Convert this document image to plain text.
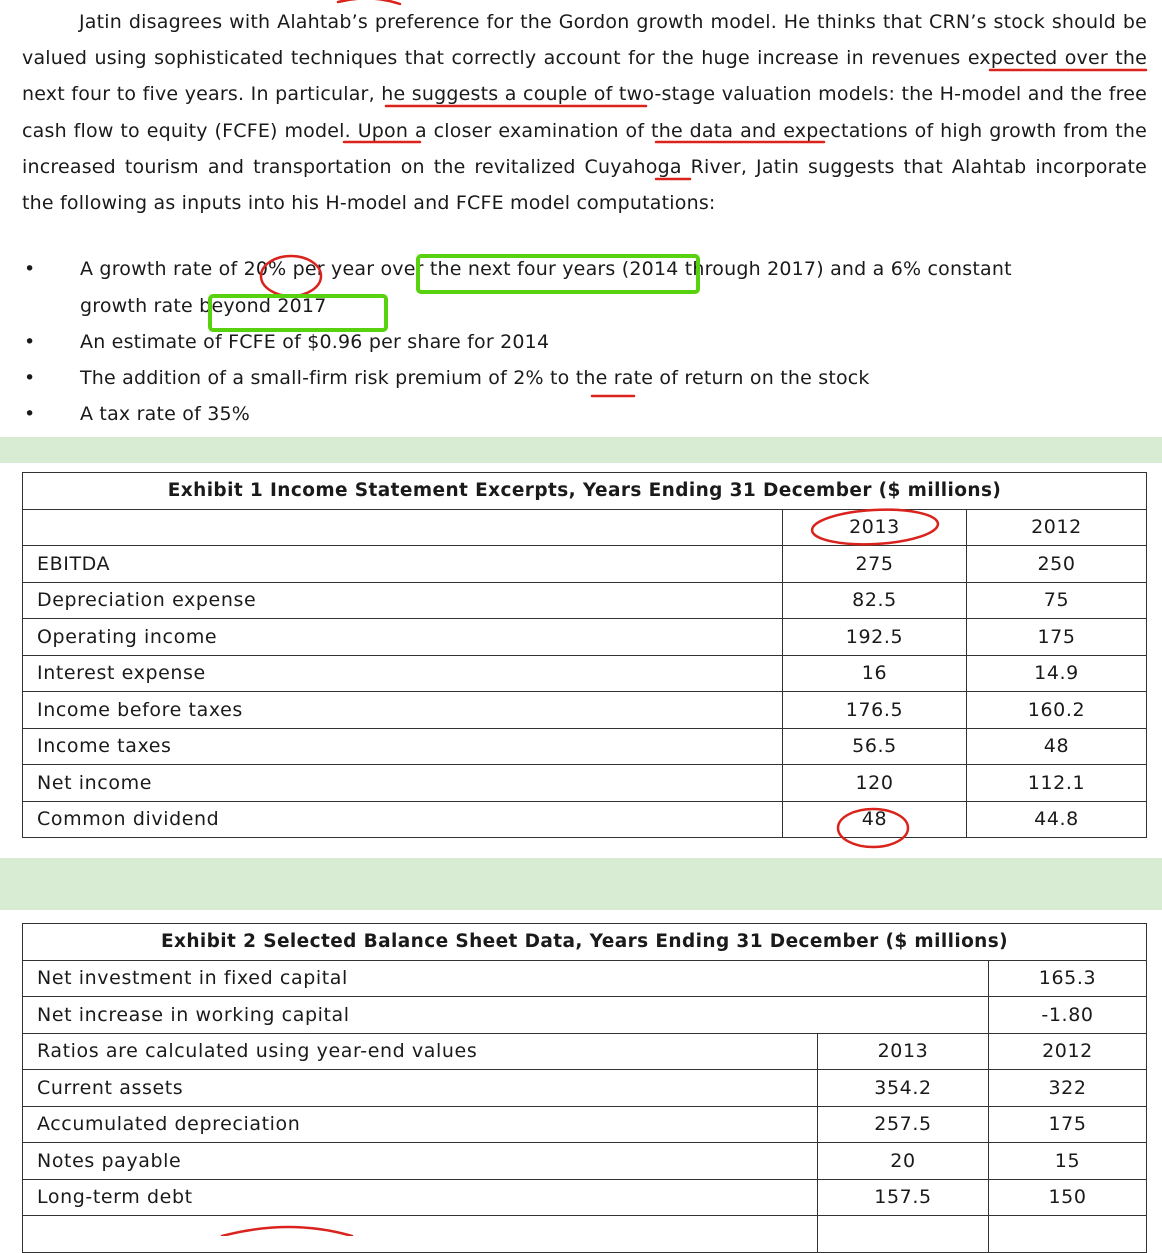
Jatin disagrees with Alahtab’s preference for the Gordon growth model. He thinks that CRN’s stock should be valued using sophisticated techniques that correctly account for the huge increase in revenues expected over the next four to five years. In particular, he suggests a couple of two-stage valuation models: the H-model and the free cash flow to equity (FCFE) model. Upon a closer examination of the data and expectations of high growth from the increased tourism and transportation on the revitalized Cuyahoga River, Jatin suggests that Alahtab incorporate the following as inputs into his H-model and FCFE model computations:
• A growth rate of 20% per year over the next four years (2014 through 2017) and a 6% constant
growth rate beyond 2017
• An estimate of FCFE of $0.96 per share for 2014
• The addition of a small-firm risk premium of 2% to the rate of return on the stock
• A tax rate of 35%
Exhibit 1 Income Statement Excerpts, Years Ending 31 December ($ millions)		
	2013	2012
EBITDA	275	250
Depreciation expense	82.5	75
Operating income	192.5	175
Interest expense	16	14.9
Income before taxes	176.5	160.2
Income taxes	56.5	48
Net income	120	112.1
Common dividend	48	44.8
Exhibit 2 Selected Balance Sheet Data, Years Ending 31 December ($ millions)		
Net investment in fixed capital		165.3
Net increase in working capital		-1.80
Ratios are calculated using year-end values	2013	2012
Current assets	354.2	322
Accumulated depreciation	257.5	175
Notes payable	20	15
Long-term debt	157.5	150
